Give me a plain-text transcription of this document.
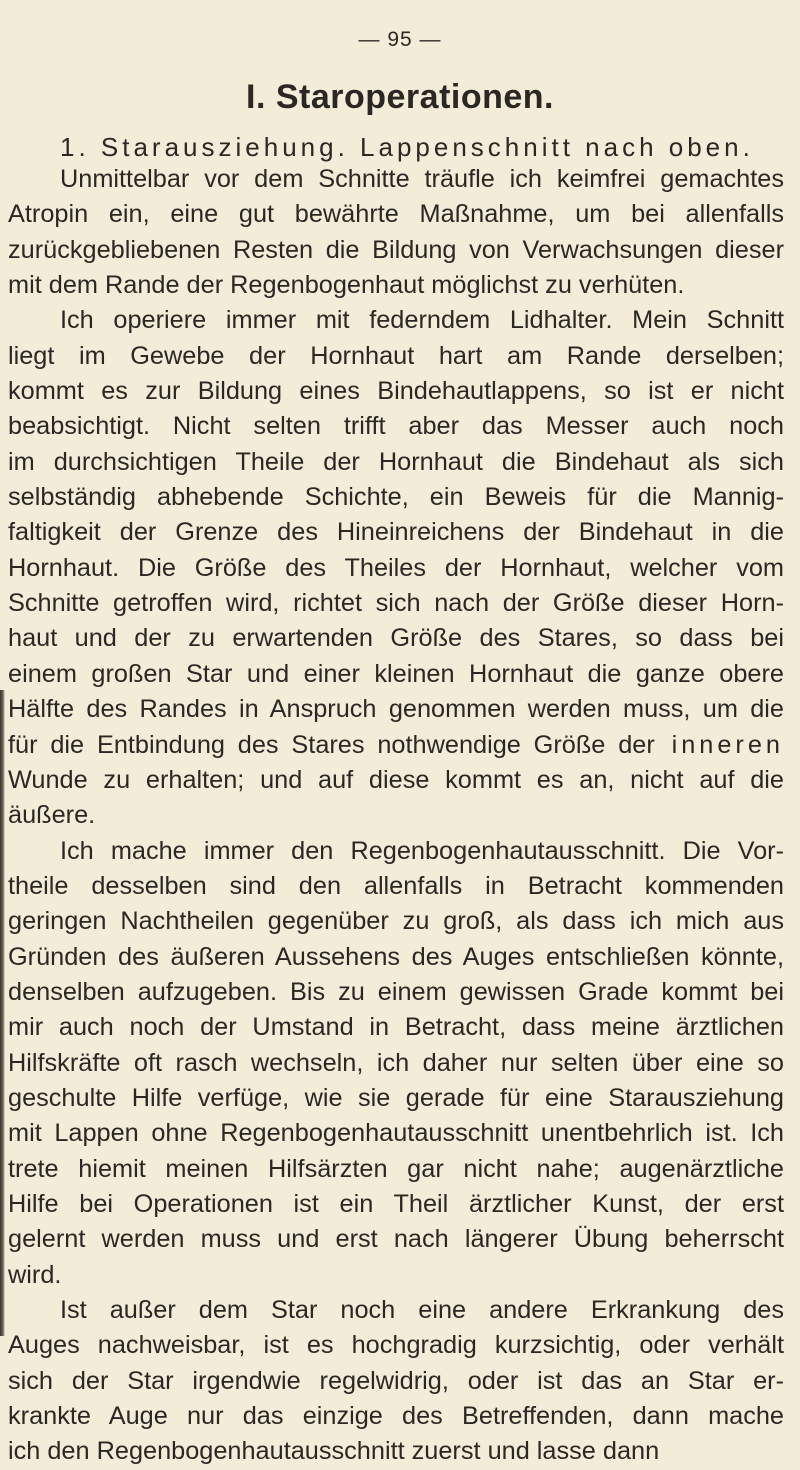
— 95 —
I. Staroperationen.
1. Starausziehung. Lappenschnitt nach oben.
Unmittelbar vor dem Schnitte träufle ich keimfrei gemachtes
Atropin ein, eine gut bewährte Maßnahme, um bei allenfalls
zurückgebliebenen Resten die Bildung von Verwachsungen dieser
mit dem Rande der Regenbogenhaut möglichst zu verhüten.
Ich operiere immer mit federndem Lidhalter. Mein Schnitt
liegt im Gewebe der Hornhaut hart am Rande derselben;
kommt es zur Bildung eines Bindehautlappens, so ist er nicht
beabsichtigt. Nicht selten trifft aber das Messer auch noch
im durchsichtigen Theile der Hornhaut die Bindehaut als sich
selbständig abhebende Schichte, ein Beweis für die Mannig-
faltigkeit der Grenze des Hineinreichens der Bindehaut in die
Hornhaut. Die Größe des Theiles der Hornhaut, welcher vom
Schnitte getroffen wird, richtet sich nach der Größe dieser Horn-
haut und der zu erwartenden Größe des Stares, so dass bei
einem großen Star und einer kleinen Hornhaut die ganze obere
Hälfte des Randes in Anspruch genommen werden muss, um die
für die Entbindung des Stares nothwendige Größe der inneren
Wunde zu erhalten; und auf diese kommt es an, nicht auf die
äußere.
Ich mache immer den Regenbogenhautausschnitt. Die Vor-
theile desselben sind den allenfalls in Betracht kommenden
geringen Nachtheilen gegenüber zu groß, als dass ich mich aus
Gründen des äußeren Aussehens des Auges entschließen könnte,
denselben aufzugeben. Bis zu einem gewissen Grade kommt bei
mir auch noch der Umstand in Betracht, dass meine ärztlichen
Hilfskräfte oft rasch wechseln, ich daher nur selten über eine so
geschulte Hilfe verfüge, wie sie gerade für eine Starausziehung
mit Lappen ohne Regenbogenhautausschnitt unentbehrlich ist. Ich
trete hiemit meinen Hilfsärzten gar nicht nahe; augenärztliche
Hilfe bei Operationen ist ein Theil ärztlicher Kunst, der erst
gelernt werden muss und erst nach längerer Übung beherrscht
wird.
Ist außer dem Star noch eine andere Erkrankung des
Auges nachweisbar, ist es hochgradig kurzsichtig, oder verhält
sich der Star irgendwie regelwidrig, oder ist das an Star er-
krankte Auge nur das einzige des Betreffenden, dann mache
ich den Regenbogenhautausschnitt zuerst und lasse dann
